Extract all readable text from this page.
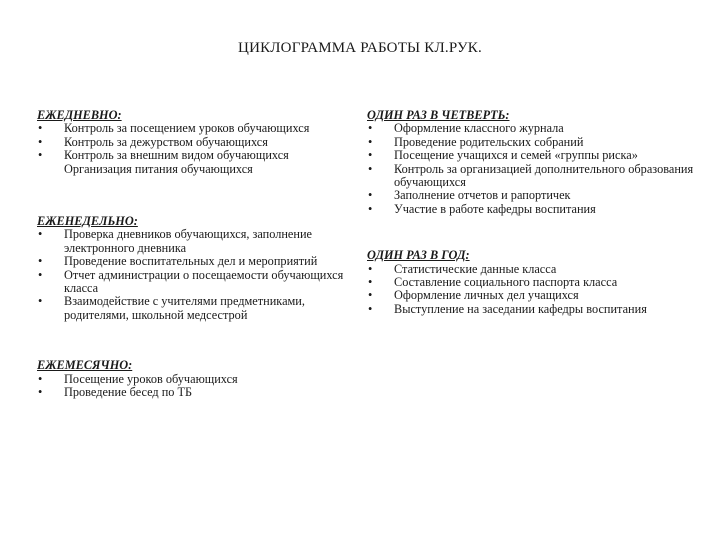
ЦИКЛОГРАММА РАБОТЫ КЛ.РУК.
ЕЖЕДНЕВНО:
•	Контроль за посещением уроков обучающихся
•	Контроль за дежурством обучающихся
•	Контроль за внешним видом обучающихся
Организация питания обучающихся
ЕЖЕНЕДЕЛЬНО:
•	Проверка дневников обучающихся, заполнение электронного дневника
•	Проведение воспитательных дел и мероприятий
•	Отчет администрации о посещаемости обучающихся класса
•	Взаимодействие с учителями предметниками, родителями, школьной медсестрой
ЕЖЕМЕСЯЧНО:
•	Посещение уроков обучающихся
•	Проведение бесед по ТБ
ОДИН РАЗ В ЧЕТВЕРТЬ:
•	Оформление классного журнала
•	Проведение родительских собраний
•	Посещение учащихся и семей «группы риска»
•	Контроль за организацией дополнительного образования обучающихся
•	Заполнение отчетов и рапортичек
•	Участие в работе кафедры воспитания
ОДИН РАЗ В ГОД:
•	Статистические данные класса
•	Составление социального паспорта класса
•	Оформление личных дел учащихся
•	Выступление на заседании кафедры воспитания
